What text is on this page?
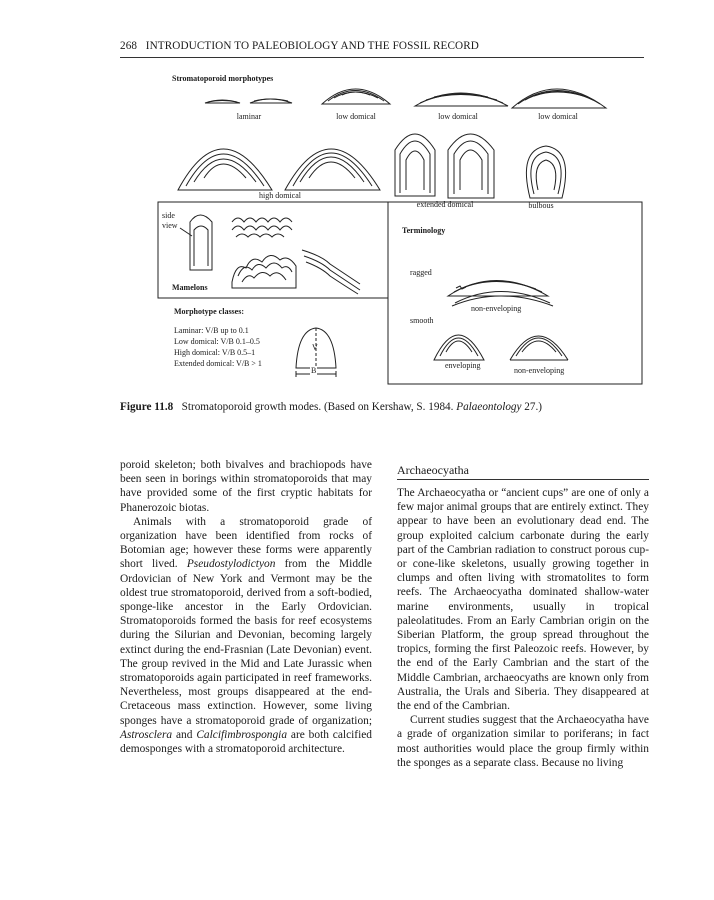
268 INTRODUCTION TO PALEOBIOLOGY AND THE FOSSIL RECORD
Stromatoporoid morphotypes
laminar	low domical	low domical	low domical
high domical
extended domical	bulbous
side
view
Mamelons
Terminology
ragged
non-enveloping
smooth
enveloping
non-enveloping
Morphotype classes:
Laminar: V/B up to 0.1
Low domical: V/B 0.1–0.5
High domical: V/B 0.5–1
Extended domical: V/B > 1
V
B
Figure 11.8 Stromatoporoid growth modes. (Based on Kershaw, S. 1984. Palaeontology 27.)

poroid skeleton; both bivalves and brachiopods have been seen in borings within stromatoporoids that may have provided some of the first cryptic habitats for Phanerozoic biotas.

Animals with a stromatoporoid grade of organization have been identified from rocks of Botomian age; however these forms were apparently short lived. Pseudostylodictyon from the Middle Ordovician of New York and Vermont may be the oldest true stromatoporoid, derived from a soft-bodied, sponge-like ancestor in the Early Ordovician. Stromatoporoids formed the basis for reef ecosystems during the Silurian and Devonian, becoming largely extinct during the end-Frasnian (Late Devonian) event. The group revived in the Mid and Late Jurassic when stromatoporoids again participated in reef frameworks. Nevertheless, most groups disappeared at the end-Cretaceous mass extinction. However, some living sponges have a stromatoporoid grade of organization; Astrosclera and Calcifimbrospongia are both calcified demosponges with a stromatoporoid architecture.

Archaeocyatha

The Archaeocyatha or “ancient cups” are one of only a few major animal groups that are entirely extinct. They appear to have been an evolutionary dead end. The group exploited calcium carbonate during the early part of the Cambrian radiation to construct porous cup- or cone-like skeletons, usually growing together in clumps and often living with stromatolites to form reefs. The Archaeocyatha dominated shallow-water marine environments, usually in tropical paleolatitudes. From an Early Cambrian origin on the Siberian Platform, the group spread throughout the tropics, forming the first Paleozoic reefs. However, by the end of the Early Cambrian and the start of the Middle Cambrian, archaeocyaths are known only from Australia, the Urals and Siberia. They disappeared at the end of the Cambrian.

Current studies suggest that the Archaeocyatha have a grade of organization similar to poriferans; in fact most authorities would place the group firmly within the sponges as a separate class. Because no living
